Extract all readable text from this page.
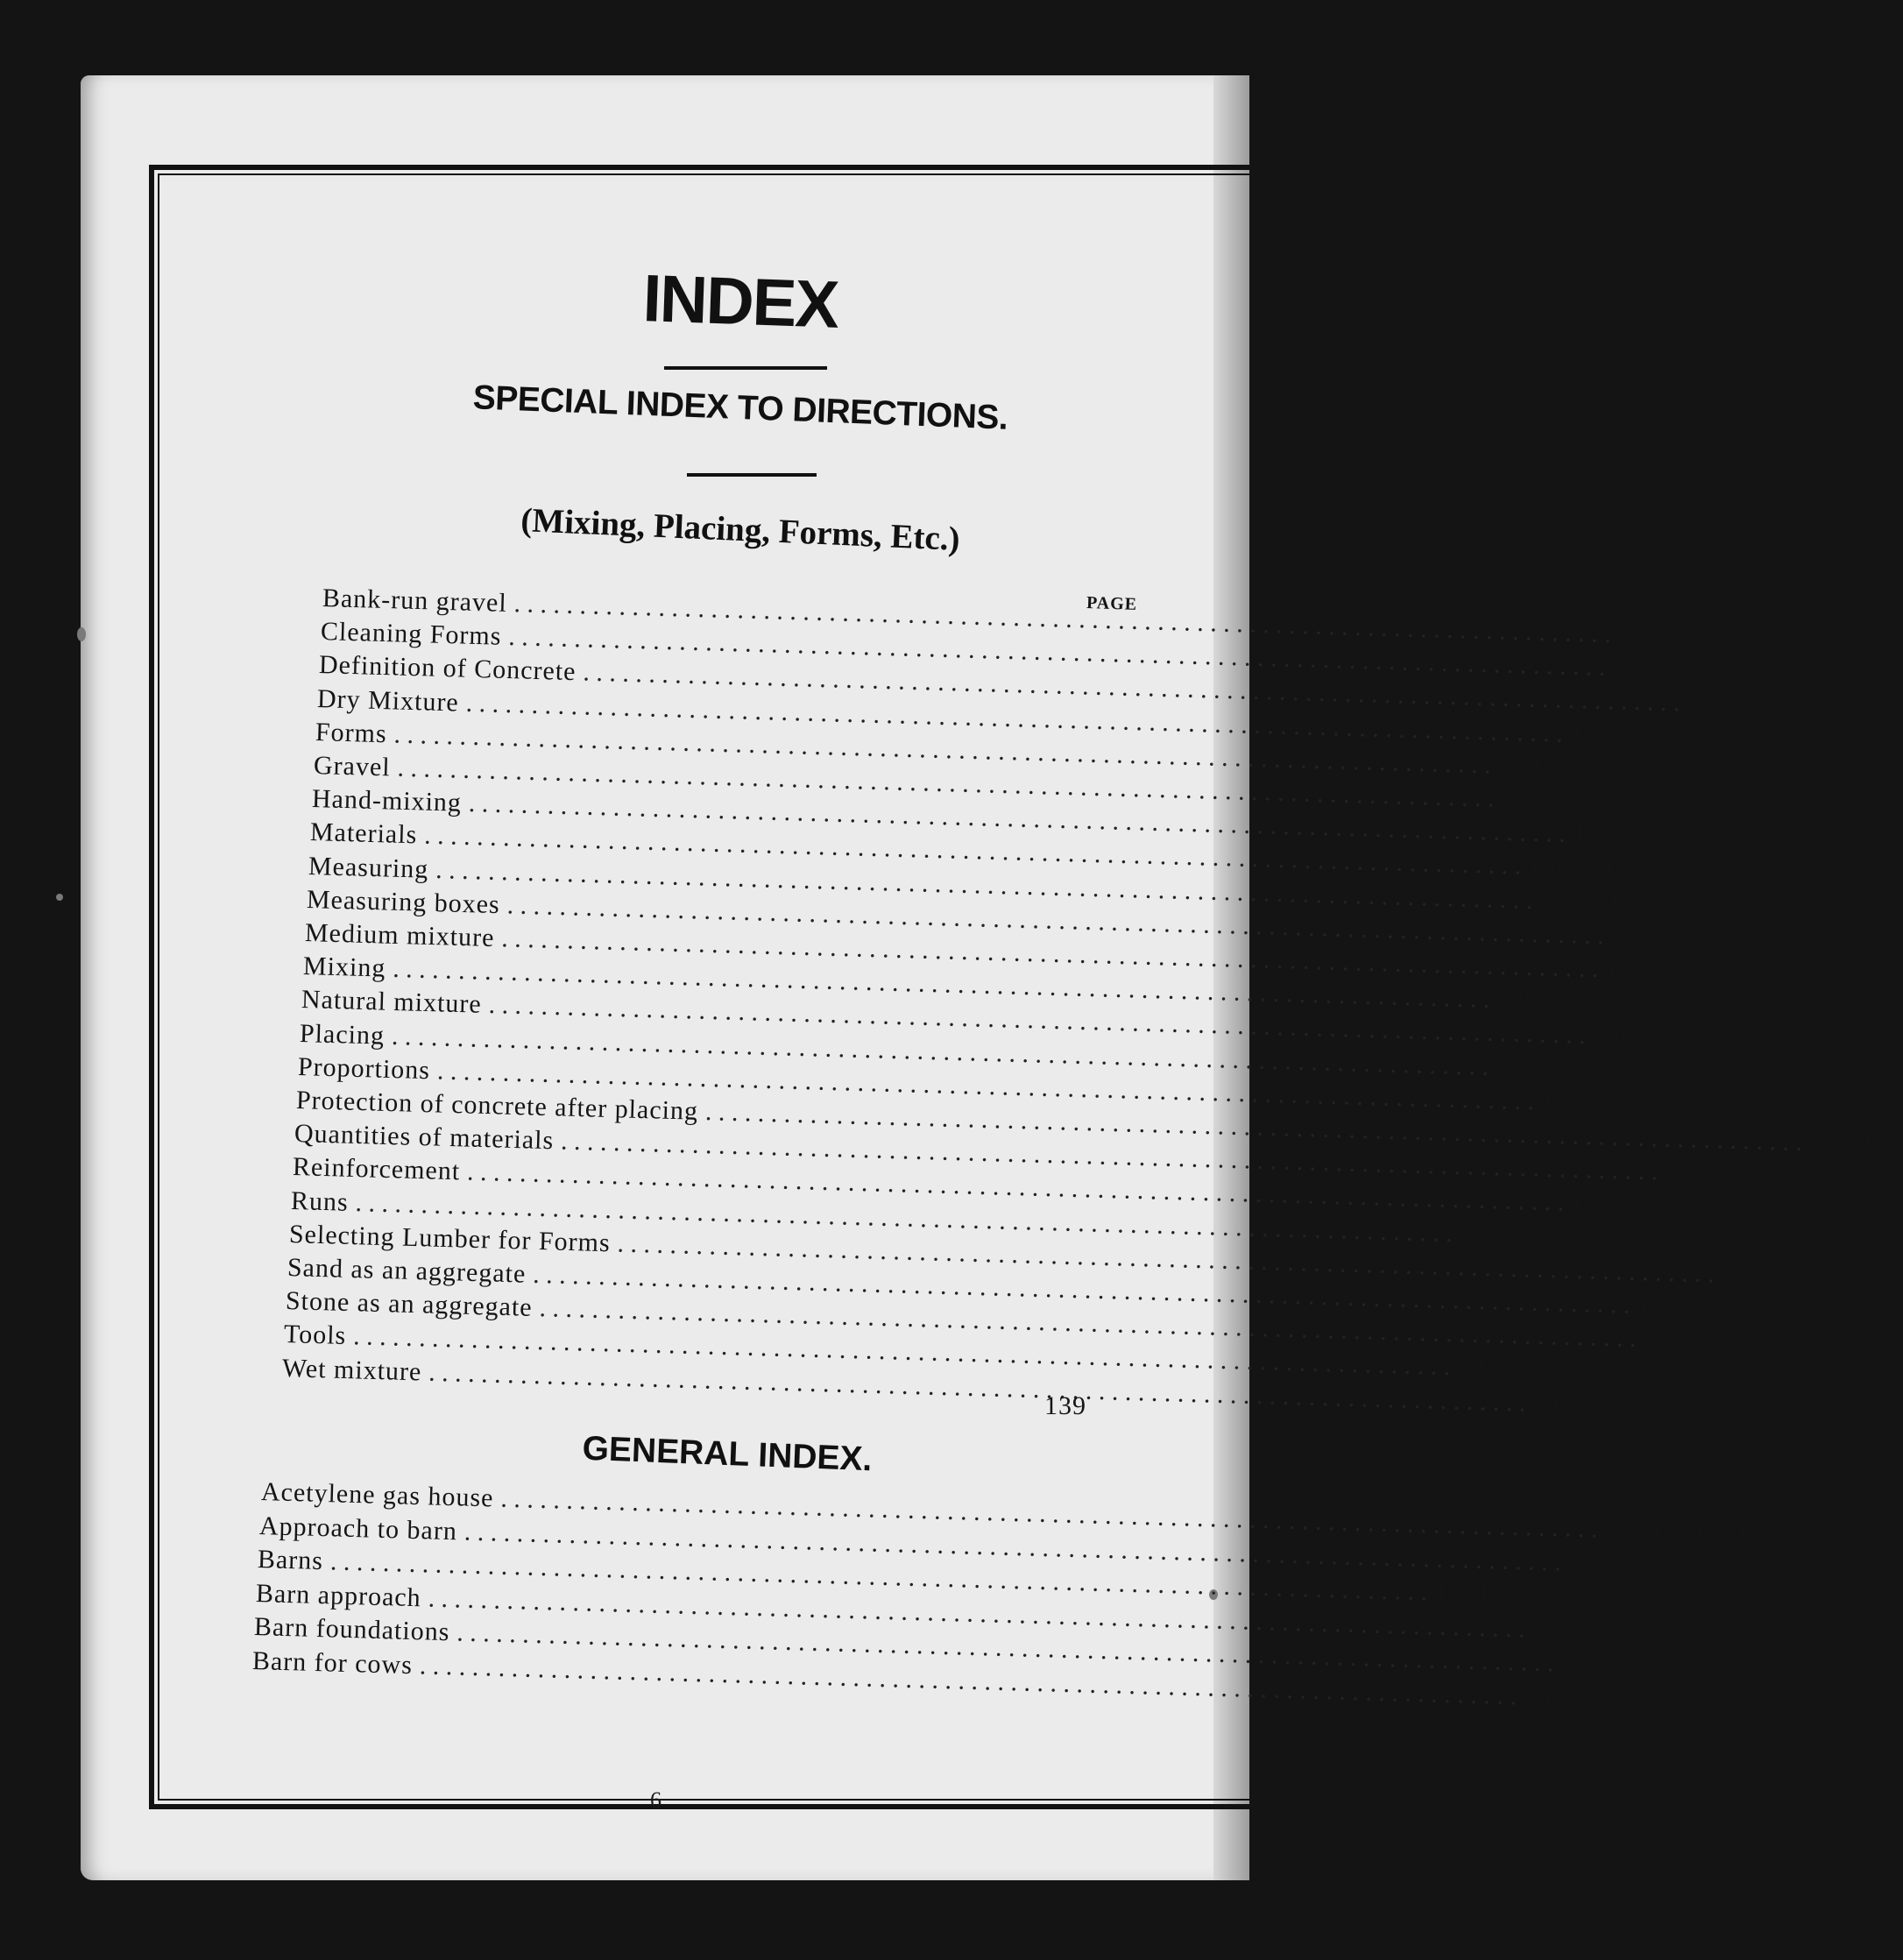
INDEX
SPECIAL INDEX TO DIRECTIONS.
(Mixing, Placing, Forms, Etc.)
PAGE
Bank-run gravel
. . .
Cleaning Forms
. . .
139
Definition of Concrete
. . .
157
Dry Mixture
. . .
136
Forms
. . .
139
Gravel
. . .
155-157
Hand-mixing
. . .
139; 143
Materials
. . .
148-150
Measuring
. . .
140-143
Measuring boxes
. . .
136-139
Medium mixture
. . .
137, 138
Mixing
. . .
139
Natural mixture
. . .
146-150
Placing
. . .
139
Proportions
. . .
152
Protection of concrete after placing
. . .
136-139
Quantities of materials
. . .
152
Reinforcement
. . .
136
Runs
. . .
153, 154
Selecting Lumber for Forms
. . .
145
Sand as an aggregate
. . .
156
Stone as an aggregate
. . .
140
Tools
. . .
143
Wet mixture
. . .
143
139
GENERAL INDEX.
Acetylene gas house
. . .
40, 41, 42, 43
Approach to barn
. . .
70, 71
Barns
. . .
16, 17; 26, 27; 48-51; 72, 73
Barn approach
. . .
70, 71
Barn foundations
. . .
12-17; 26, 27
Barn for cows
. . .
48-51
6
